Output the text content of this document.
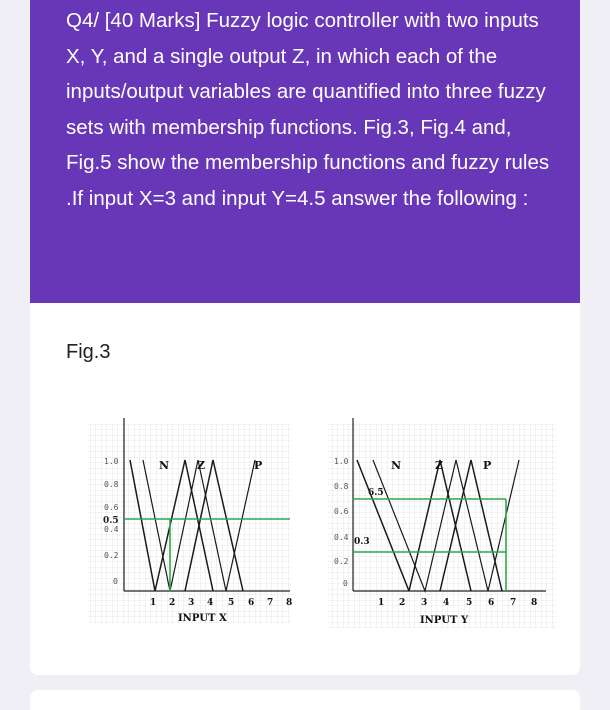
Q4/ [40 Marks] Fuzzy logic controller with two inputs X, Y, and a single output Z, in which each of the inputs/output variables are quantified into three fuzzy sets with membership functions. Fig.3, Fig.4 and, Fig.5 show the membership functions and fuzzy rules .If input X=3 and input Y=4.5 answer the following :

Fig.3
1.0
0.8
0.6
0.5
0.4
0.2
0
N	Z	P
1 2 3 4 5 6 7 8
INPUT X
1.0
0.8
0.6
0.4
0.2
0
6.5
0.3
N	Z	P
1 2 3 4 5 6 7 8
INPUT Y
